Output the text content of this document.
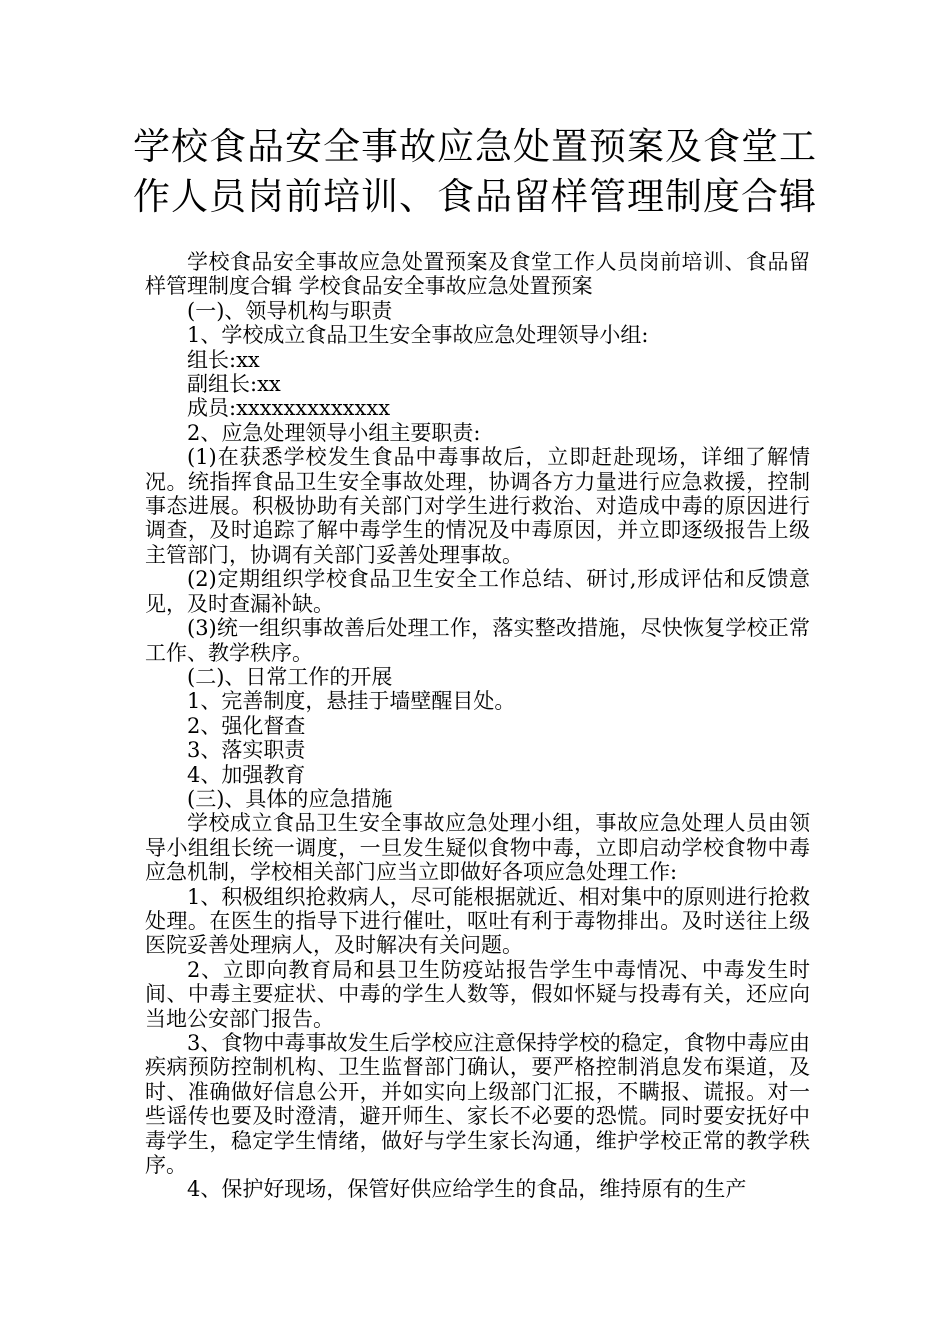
学校食品安全事故应急处置预案及食堂工作人员岗前培训、食品留样管理制度合辑

学校食品安全事故应急处置预案及食堂工作人员岗前培训、食品留样管理制度合辑 学校食品安全事故应急处置预案

(一)、领导机构与职责

1、学校成立食品卫生安全事故应急处理领导小组:

组长:xx

副组长:xx

成员:xxxxxxxxxxxxx

2、应急处理领导小组主要职责:

(1)在获悉学校发生食品中毒事故后，立即赶赴现场，详细了解情况。统指挥食品卫生安全事故处理，协调各方力量进行应急救援，控制事态进展。积极协助有关部门对学生进行救治、对造成中毒的原因进行调查，及时追踪了解中毒学生的情况及中毒原因，并立即逐级报告上级主管部门，协调有关部门妥善处理事故。

(2)定期组织学校食品卫生安全工作总结、研讨,形成评估和反馈意见，及时查漏补缺。

(3)统一组织事故善后处理工作，落实整改措施，尽快恢复学校正常工作、教学秩序。

(二)、日常工作的开展

1、完善制度，悬挂于墙壁醒目处。

2、强化督查

3、落实职责

4、加强教育

(三)、具体的应急措施

学校成立食品卫生安全事故应急处理小组，事故应急处理人员由领导小组组长统一调度，一旦发生疑似食物中毒，立即启动学校食物中毒应急机制，学校相关部门应当立即做好各项应急处理工作:

1、积极组织抢救病人，尽可能根据就近、相对集中的原则进行抢救处理。在医生的指导下进行催吐，呕吐有利于毒物排出。及时送往上级医院妥善处理病人，及时解决有关问题。

2、立即向教育局和县卫生防疫站报告学生中毒情况、中毒发生时间、中毒主要症状、中毒的学生人数等，假如怀疑与投毒有关，还应向当地公安部门报告。

3、食物中毒事故发生后学校应注意保持学校的稳定，食物中毒应由疾病预防控制机构、卫生监督部门确认，要严格控制消息发布渠道，及时、准确做好信息公开，并如实向上级部门汇报，不瞒报、谎报。对一些谣传也要及时澄清，避开师生、家长不必要的恐慌。同时要安抚好中毒学生，稳定学生情绪，做好与学生家长沟通，维护学校正常的教学秩序。

4、保护好现场，保管好供应给学生的食品，维持原有的生产
